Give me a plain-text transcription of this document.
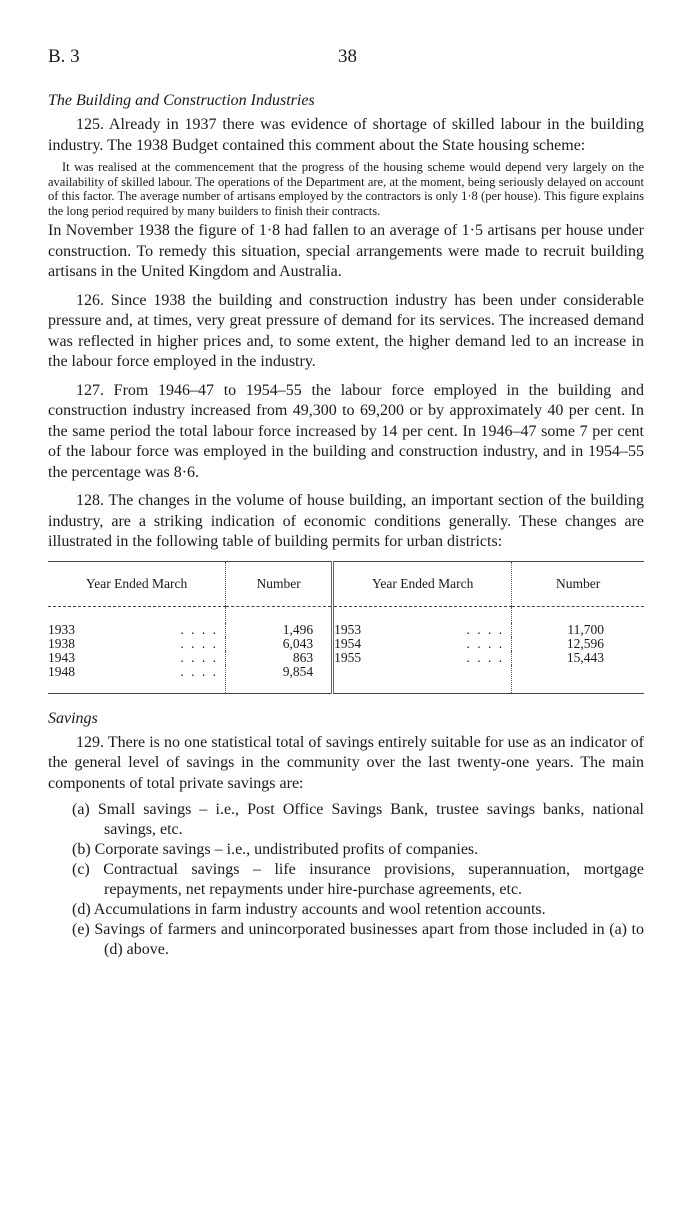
B. 3	38
The Building and Construction Industries

125. Already in 1937 there was evidence of shortage of skilled labour in the building industry. The 1938 Budget contained this comment about the State housing scheme:

It was realised at the commencement that the progress of the housing scheme would depend very largely on the availability of skilled labour. The operations of the Department are, at the moment, being seriously delayed on account of this factor. The average number of artisans employed by the contractors is only 1·8 (per house). This figure explains the long period required by many builders to finish their contracts.

In November 1938 the figure of 1·8 had fallen to an average of 1·5 artisans per house under construction. To remedy this situation, special arrangements were made to recruit building artisans in the United Kingdom and Australia.

126. Since 1938 the building and construction industry has been under considerable pressure and, at times, very great pressure of demand for its services. The increased demand was reflected in higher prices and, to some extent, the higher demand led to an increase in the labour force employed in the industry.

127. From 1946–47 to 1954–55 the labour force employed in the building and construction industry increased from 49,300 to 69,200 or by approximately 40 per cent. In the same period the total labour force increased by 14 per cent. In 1946–47 some 7 per cent of the labour force was employed in the building and construction industry, and in 1954–55 the percentage was 8·6.

128. The changes in the volume of house building, an important section of the building industry, are a striking indication of economic conditions generally. These changes are illustrated in the following table of building permits for urban districts:

Year Ended March	Number	Year Ended March	Number

1933 . . . .	1,496	1953 . . . .	11,700
1938 . . . .	6,043	1954 . . . .	12,596
1943 . . . .	863	1955 . . . .	15,443
1948 . . . .	9,854		
Savings

129. There is no one statistical total of savings entirely suitable for use as an indicator of the general level of savings in the community over the last twenty-one years. The main components of total private savings are:

(a) Small savings – i.e., Post Office Savings Bank, trustee savings banks, national savings, etc.
(b) Corporate savings – i.e., undistributed profits of companies.
(c) Contractual savings – life insurance provisions, superannuation, mortgage repayments, net repayments under hire-purchase agreements, etc.
(d) Accumulations in farm industry accounts and wool retention accounts.
(e) Savings of farmers and unincorporated businesses apart from those included in (a) to (d) above.
